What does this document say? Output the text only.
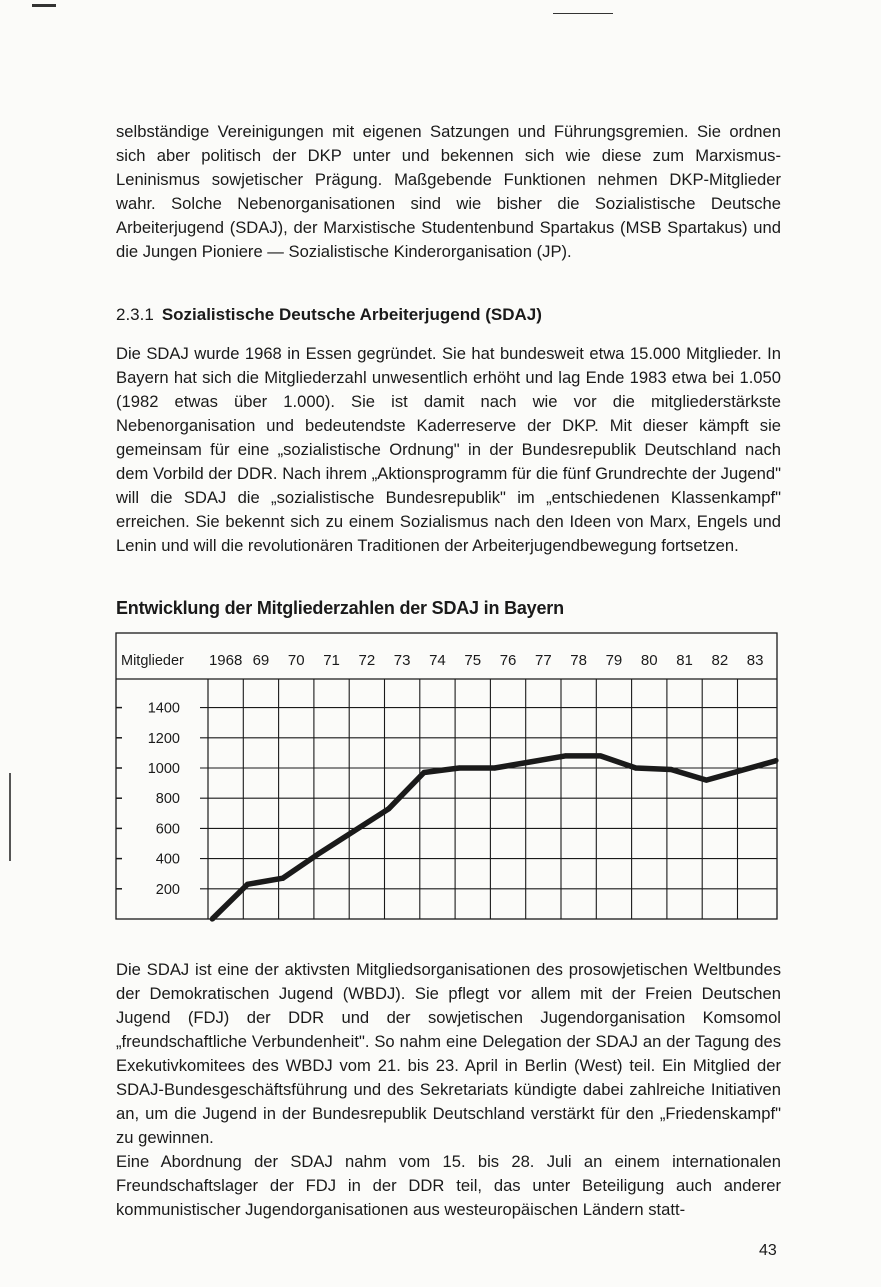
selbständige Vereinigungen mit eigenen Satzungen und Führungsgremien. Sie ordnen sich aber politisch der DKP unter und bekennen sich wie diese zum Marxismus-Leninismus sowjetischer Prägung. Maßgebende Funktionen nehmen DKP-Mitglieder wahr. Solche Nebenorganisationen sind wie bisher die Sozialistische Deutsche Arbeiterjugend (SDAJ), der Marxistische Studentenbund Spartakus (MSB Spartakus) und die Jungen Pioniere — Sozialistische Kinderorganisation (JP).

2.3.1 Sozialistische Deutsche Arbeiterjugend (SDAJ)

Die SDAJ wurde 1968 in Essen gegründet. Sie hat bundesweit etwa 15.000 Mitglieder. In Bayern hat sich die Mitgliederzahl unwesentlich erhöht und lag Ende 1983 etwa bei 1.050 (1982 etwas über 1.000). Sie ist damit nach wie vor die mitgliederstärkste Nebenorganisation und bedeutendste Kaderreserve der DKP. Mit dieser kämpft sie gemeinsam für eine „sozialistische Ordnung" in der Bundesrepublik Deutschland nach dem Vorbild der DDR. Nach ihrem „Aktionsprogramm für die fünf Grundrechte der Jugend" will die SDAJ die „sozialistische Bundesrepublik" im „entschiedenen Klassenkampf" erreichen. Sie bekennt sich zu einem Sozialismus nach den Ideen von Marx, Engels und Lenin und will die revolutionären Traditionen der Arbeiterjugendbewegung fortsetzen.

Entwicklung der Mitgliederzahlen der SDAJ in Bayern
Mitglieder 1968 69 70 71 72 73 74 75 76 77 78 79 80 81 82 83
1400
1200
1000
800
600
400
200

Die SDAJ ist eine der aktivsten Mitgliedsorganisationen des prosowjetischen Weltbundes der Demokratischen Jugend (WBDJ). Sie pflegt vor allem mit der Freien Deutschen Jugend (FDJ) der DDR und der sowjetischen Jugendorganisation Komsomol „freundschaftliche Verbundenheit". So nahm eine Delegation der SDAJ an der Tagung des Exekutivkomitees des WBDJ vom 21. bis 23. April in Berlin (West) teil. Ein Mitglied der SDAJ-Bundesgeschäftsführung und des Sekretariats kündigte dabei zahlreiche Initiativen an, um die Jugend in der Bundesrepublik Deutschland verstärkt für den „Friedenskampf" zu gewinnen.

Eine Abordnung der SDAJ nahm vom 15. bis 28. Juli an einem internationalen Freundschaftslager der FDJ in der DDR teil, das unter Beteiligung auch anderer kommunistischer Jugendorganisationen aus westeuropäischen Ländern statt-

43
